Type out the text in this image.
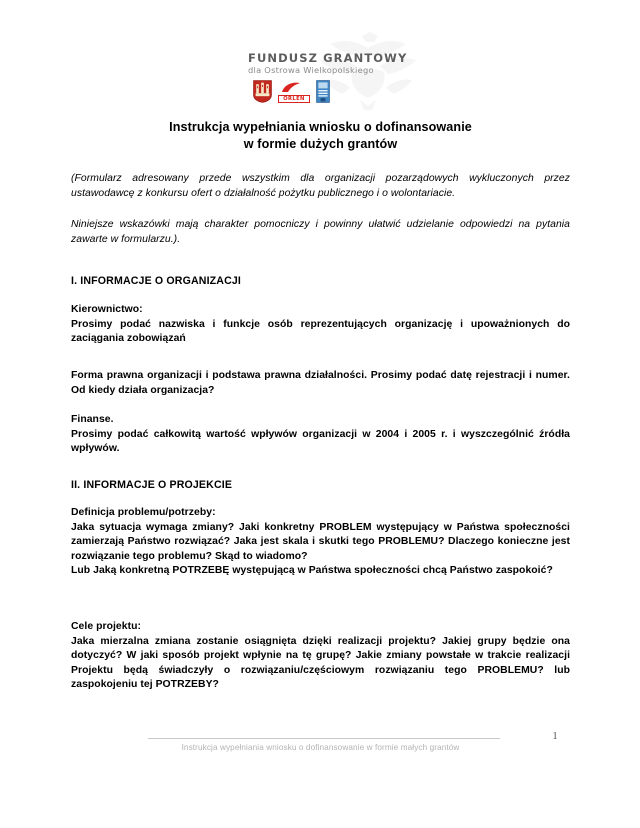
FUNDUSZ GRANTOWY
dla Ostrowa Wielkopolskiego
ORLEN
Instrukcja wypełniania wniosku o dofinansowanie
w formie dużych grantów

(Formularz adresowany przede wszystkim dla organizacji pozarządowych wykluczonych przez ustawodawcę z konkursu ofert o działalność pożytku publicznego i o wolontariacie.

Niniejsze wskazówki mają charakter pomocniczy i powinny ułatwić udzielanie odpowiedzi na pytania zawarte w formularzu.).

I. INFORMACJE O ORGANIZACJI

Kierownictwo:

Prosimy podać nazwiska i funkcje osób reprezentujących organizację i upoważnionych do zaciągania zobowiązań

Forma prawna organizacji i podstawa prawna działalności. Prosimy podać datę rejestracji i numer. Od kiedy działa organizacja?

Finanse.

Prosimy podać całkowitą wartość wpływów organizacji w 2004 i 2005 r. i wyszczególnić źródła wpływów.

II. INFORMACJE O PROJEKCIE

Definicja problemu/potrzeby:

Jaka sytuacja wymaga zmiany? Jaki konkretny PROBLEM występujący w Państwa społeczności zamierzają Państwo rozwiązać? Jaka jest skala i skutki tego PROBLEMU? Dlaczego konieczne jest rozwiązanie tego problemu? Skąd to wiadomo?

Lub Jaką konkretną POTRZEBĘ występującą w Państwa społeczności chcą Państwo zaspokoić?

Cele projektu:

Jaka mierzalna zmiana zostanie osiągnięta dzięki realizacji projektu? Jakiej grupy będzie ona dotyczyć? W jaki sposób projekt wpłynie na tę grupę? Jakie zmiany powstałe w trakcie realizacji Projektu będą świadczyły o rozwiązaniu/częściowym rozwiązaniu tego PROBLEMU? lub zaspokojeniu tej POTRZEBY?

Instrukcja wypełniania wniosku o dofinansowanie w formie małych grantów
1
